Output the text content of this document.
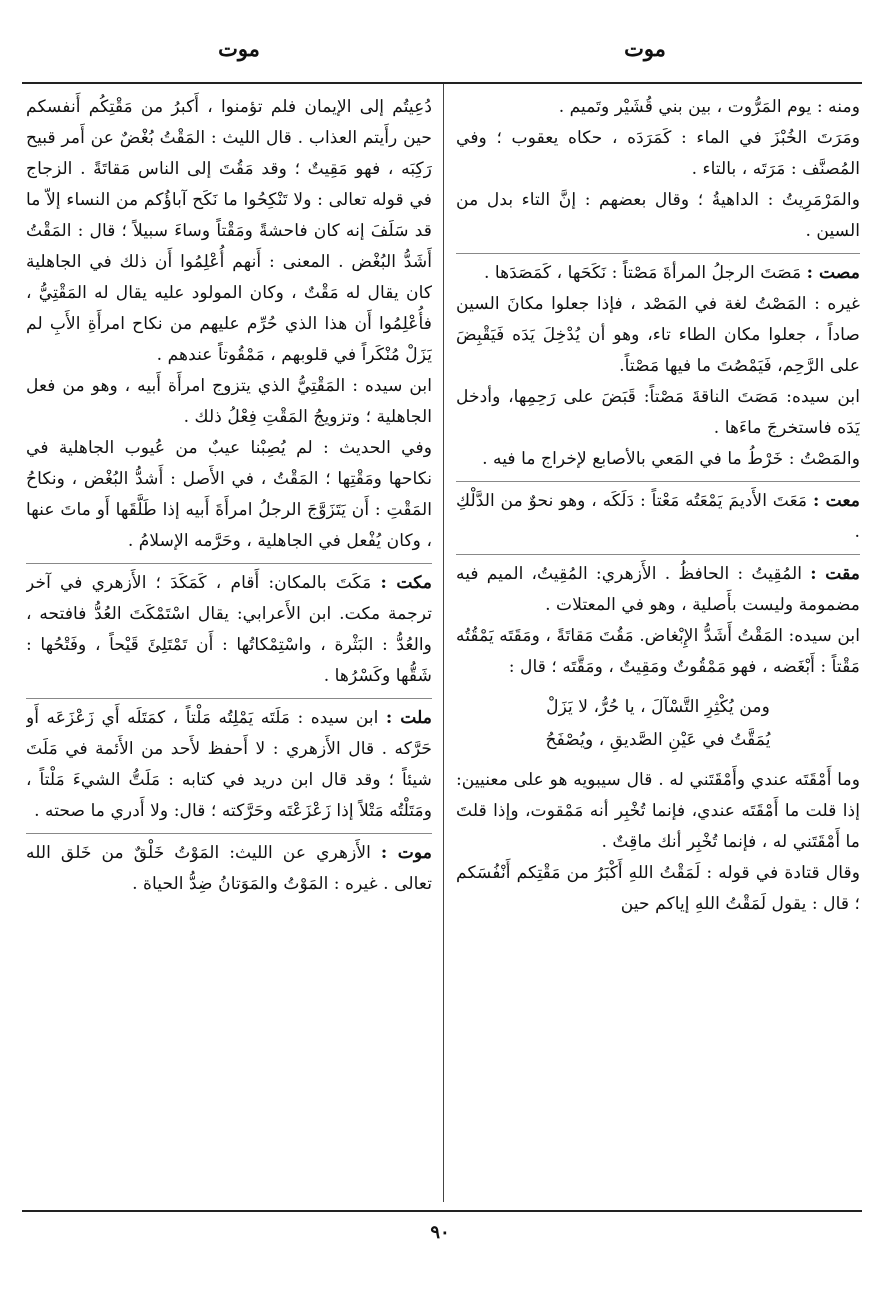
موت
موت

ومنه : يوم المَرُّوت ، بين بني قُشَيْر وتَميم .

ومَرَتَ الخُبْزَ في الماء : كَمَرَدَه ، حكاه يعقوب ؛ وفي المُصنَّف : مَرَتَه ، بالتاء .

والمَرْمَرِيتُ : الداهيةُ ؛ وقال بعضهم : إنَّ التاء بدل من السين .

مصت : مَصَتَ الرجلُ المرأةَ مَصْتاً : نَكَحَها ، كَمَصَدَها .

غيره : المَصْتُ لغة في المَصْد ، فإذا جعلوا مكانَ السين صاداً ، جعلوا مكان الطاء تاء، وهو أن يُدْخِلَ يَدَه فَيَقْبِضَ على الرَّحِم، فَيَمْصُتَ ما فيها مَصْتاً.

ابن سيده: مَصَتَ الناقةَ مَصْتاً: قَبَضَ على رَحِمِها، وأدخل يَدَه فاستخرجَ ماءَها .

والمَصْتُ : خَرْطُ ما في المَعي بالأصابع لإخراج ما فيه .

معت : مَعَتَ الأَديمَ يَمْعَتُه مَعْتاً : دَلَكَه ، وهو نحوٌ من الدَّلْكِ .

مقت : المُقِيتُ : الحافظُ . الأَزهري: المُقِيتُ، الميم فيه مضمومة وليست بأَصلية ، وهو في المعتلات .

ابن سيده: المَقْتُ أَشَدُّ الإِبْغاض. مَقُتَ مَقاتَةً ، ومَقَتَه يَمْقُتُه مَقْتاً : أَبْغَضه ، فهو مَمْقُوتٌ ومَقِيتٌ ، ومَقَّتَه ؛ قال :

ومن يُكْثِرِ التَّسْآلَ ، يا حُرُّ، لا يَزَلْ
يُمَقَّتُ في عَيْنِ الصَّديقِ ، ويُصْفَحُ

وما أَمْقَتَه عندي وأَمْقَتَني له . قال سيبويه هو على معنيين: إذا قلت ما أَمْقَتَه عندي، فإنما تُخْبِر أنه مَمْقوت، وإذا قلتَ ما أَمْقَتَني له ، فإنما تُخْبِر أنك ماقِتٌ .

وقال قتادة في قوله : لَمَقْتُ اللهِ أَكْبَرُ من مَقْتِكم أَنْفُسَكم ؛ قال : يقول لَمَقْتُ اللهِ إياكم حين

دُعِيتُم إلى الإيمان فلم تؤمنوا ، أَكبرُ من مَقْتِكُم أَنفسكم حين رأَيتم العذاب . قال الليث : المَقْتُ بُغْضٌ عن أَمر قبيح رَكِبَه ، فهو مَقِيتٌ ؛ وقد مَقُتَ إلى الناس مَقاتَةً . الزجاج في قوله تعالى : ولا تَنْكِحُوا ما نَكَح آباؤُكم من النساء إلاّ ما قد سَلَفَ إنه كان فاحشةً ومَقْتاً وساءَ سبيلاً ؛ قال : المَقْتُ أَشَدُّ البُغْض . المعنى : أَنهم أُعْلِمُوا أَن ذلك في الجاهلية كان يقال له مَقْتٌ ، وكان المولود عليه يقال له المَقْتِيُّ ، فأُعْلِمُوا أَن هذا الذي حُرِّم عليهم من نكاح امرأَةِ الأَبِ لم يَزَلْ مُنْكَراً في قلوبهم ، مَمْقُوتاً عندهم .

ابن سيده : المَقْتِيُّ الذي يتزوج امرأَة أَبيه ، وهو من فعل الجاهلية ؛ وتزويجُ المَقْتِ فِعْلُ ذلك .

وفي الحديث : لم يُصِبْنا عيبٌ من عُيوب الجاهلية في نكاحها ومَقْتِها ؛ المَقْتُ ، في الأَصل : أَشدُّ البُغْض ، ونكاحُ المَقْتِ : أَن يَتَزَوَّجَ الرجلُ امرأَةَ أَبيه إذا طَلَّقَها أَو ماتَ عنها ، وكان يُفْعل في الجاهلية ، وحَرَّمه الإسلامُ .

مكت : مَكَتَ بالمكان: أَقام ، كَمَكَدَ ؛ الأَزهري في آخر ترجمة مكت. ابن الأَعرابي: يقال اسْتَمْكَتَ العُدُّ فافتحه ، والعُدُّ : البَثْرة ، واسْتِمْكاتُها : أَن تَمْتَلِئَ قَيْحاً ، وفَتْحُها : شَقُّها وكَسْرُها .

ملت : ابن سيده : مَلَتَه يَمْلِتُه مَلْتاً ، كمَتَلَه أَي زَعْزَعَه أَو حَرَّكه . قال الأَزهري : لا أَحفظ لأَحد من الأَئمة في مَلَتَ شيئاً ؛ وقد قال ابن دريد في كتابه : مَلَتُّ الشيءَ مَلْتاً ، ومَتَلْتُه مَتْلاً إذا زَعْزَعْتَه وحَرَّكته ؛ قال: ولا أَدري ما صحته .

موت : الأَزهري عن الليث: المَوْتُ خَلْقٌ من خَلق الله تعالى . غيره : المَوْتُ والمَوَتانُ ضِدُّ الحياة .

٩٠
